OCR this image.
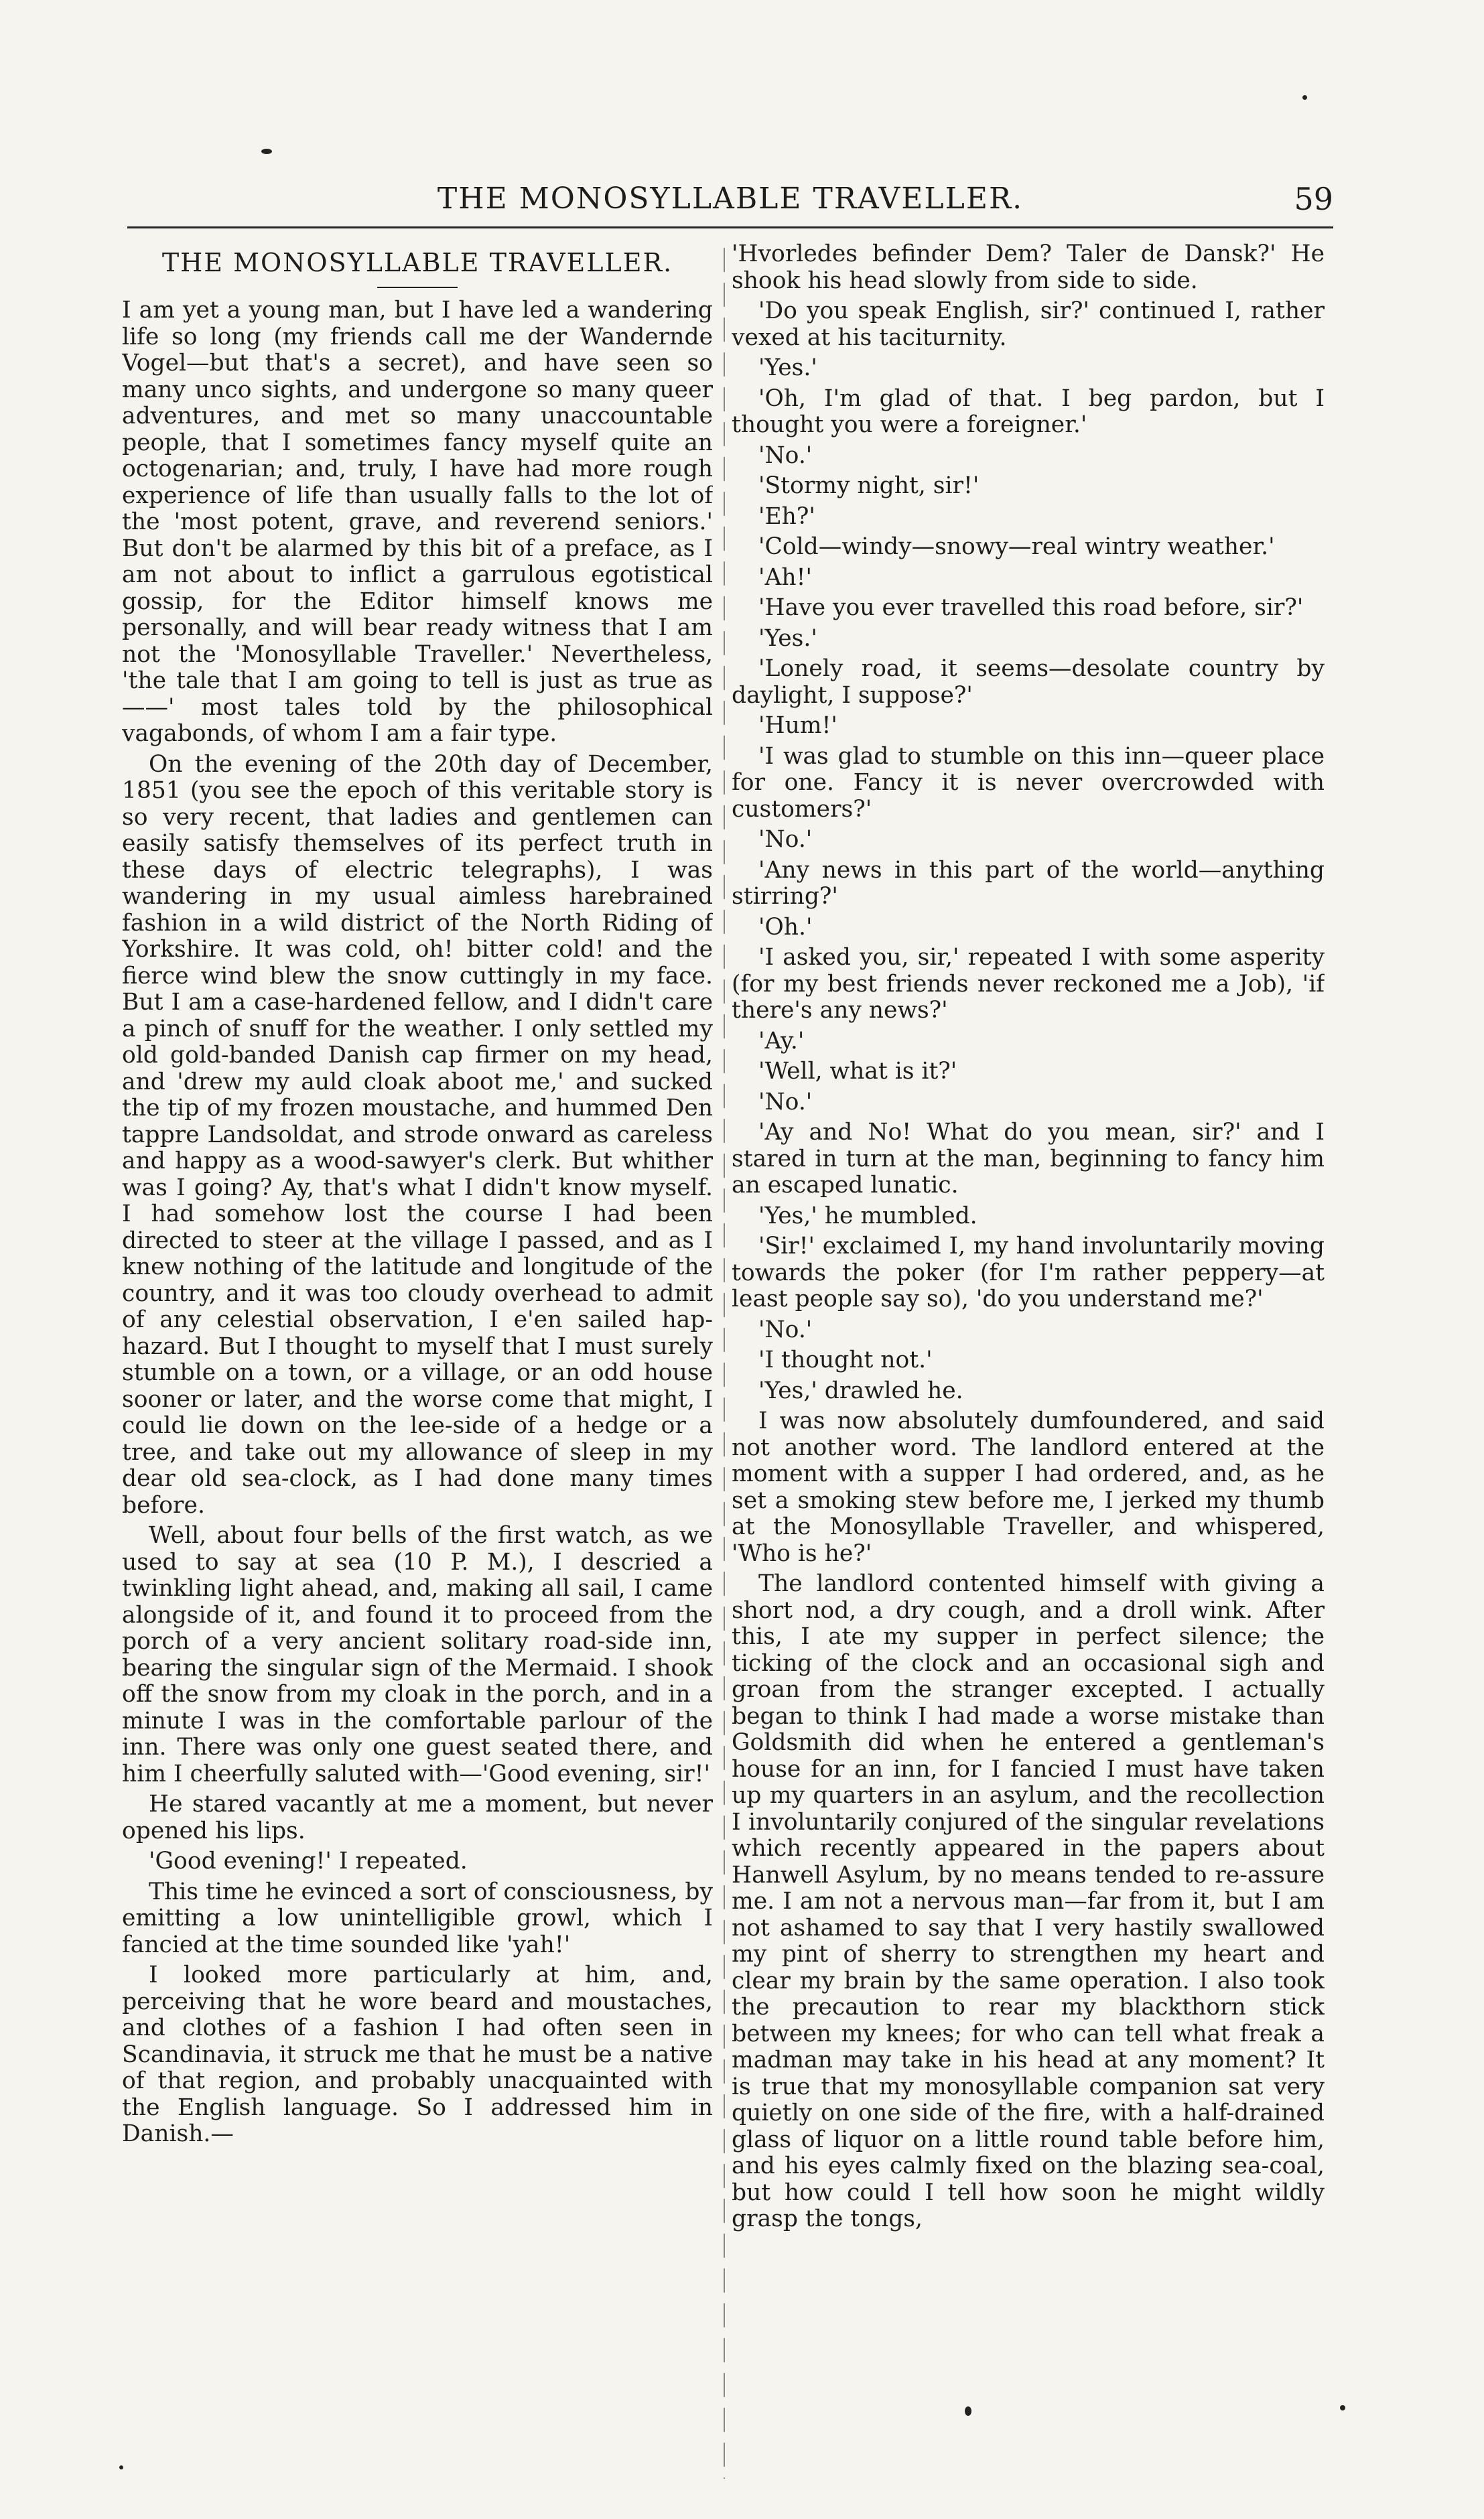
THE MONOSYLLABLE TRAVELLER.	59
THE MONOSYLLABLE TRAVELLER.

I am yet a young man, but I have led a wandering life so long (my friends call me der Wandernde Vogel—but that's a secret), and have seen so many unco sights, and undergone so many queer adventures, and met so many unaccountable people, that I sometimes fancy myself quite an octogenarian; and, truly, I have had more rough experience of life than usually falls to the lot of the 'most potent, grave, and reverend seniors.' But don't be alarmed by this bit of a preface, as I am not about to inflict a garrulous egotistical gossip, for the Editor himself knows me personally, and will bear ready witness that I am not the 'Monosyllable Traveller.' Nevertheless, 'the tale that I am going to tell is just as true as ——' most tales told by the philosophical vagabonds, of whom I am a fair type.

On the evening of the 20th day of December, 1851 (you see the epoch of this veritable story is so very recent, that ladies and gentlemen can easily satisfy themselves of its perfect truth in these days of electric telegraphs), I was wandering in my usual aimless harebrained fashion in a wild district of the North Riding of Yorkshire. It was cold, oh! bitter cold! and the fierce wind blew the snow cuttingly in my face. But I am a case-hardened fellow, and I didn't care a pinch of snuff for the weather. I only settled my old gold-banded Danish cap firmer on my head, and 'drew my auld cloak aboot me,' and sucked the tip of my frozen moustache, and hummed Den tappre Landsoldat, and strode onward as careless and happy as a wood-sawyer's clerk. But whither was I going? Ay, that's what I didn't know myself. I had somehow lost the course I had been directed to steer at the village I passed, and as I knew nothing of the latitude and longitude of the country, and it was too cloudy overhead to admit of any celestial observation, I e'en sailed hap-hazard. But I thought to myself that I must surely stumble on a town, or a village, or an odd house sooner or later, and the worse come that might, I could lie down on the lee-side of a hedge or a tree, and take out my allowance of sleep in my dear old sea-clock, as I had done many times before.

Well, about four bells of the first watch, as we used to say at sea (10 P. M.), I descried a twinkling light ahead, and, making all sail, I came alongside of it, and found it to proceed from the porch of a very ancient solitary road-side inn, bearing the singular sign of the Mermaid. I shook off the snow from my cloak in the porch, and in a minute I was in the comfortable parlour of the inn. There was only one guest seated there, and him I cheerfully saluted with—'Good evening, sir!'

He stared vacantly at me a moment, but never opened his lips.

'Good evening!' I repeated.

This time he evinced a sort of consciousness, by emitting a low unintelligible growl, which I fancied at the time sounded like 'yah!'

I looked more particularly at him, and, perceiving that he wore beard and moustaches, and clothes of a fashion I had often seen in Scandinavia, it struck me that he must be a native of that region, and probably unacquainted with the English language. So I addressed him in Danish.—

'Hvorledes befinder Dem? Taler de Dansk?' He shook his head slowly from side to side.

'Do you speak English, sir?' continued I, rather vexed at his taciturnity.

'Yes.'

'Oh, I'm glad of that. I beg pardon, but I thought you were a foreigner.'

'No.'

'Stormy night, sir!'

'Eh?'

'Cold—windy—snowy—real wintry weather.'

'Ah!'

'Have you ever travelled this road before, sir?'

'Yes.'

'Lonely road, it seems—desolate country by daylight, I suppose?'

'Hum!'

'I was glad to stumble on this inn—queer place for one. Fancy it is never overcrowded with customers?'

'No.'

'Any news in this part of the world—anything stirring?'

'Oh.'

'I asked you, sir,' repeated I with some asperity (for my best friends never reckoned me a Job), 'if there's any news?'

'Ay.'

'Well, what is it?'

'No.'

'Ay and No! What do you mean, sir?' and I stared in turn at the man, beginning to fancy him an escaped lunatic.

'Yes,' he mumbled.

'Sir!' exclaimed I, my hand involuntarily moving towards the poker (for I'm rather peppery—at least people say so), 'do you understand me?'

'No.'

'I thought not.'

'Yes,' drawled he.

I was now absolutely dumfoundered, and said not another word. The landlord entered at the moment with a supper I had ordered, and, as he set a smoking stew before me, I jerked my thumb at the Monosyllable Traveller, and whispered, 'Who is he?'

The landlord contented himself with giving a short nod, a dry cough, and a droll wink. After this, I ate my supper in perfect silence; the ticking of the clock and an occasional sigh and groan from the stranger excepted. I actually began to think I had made a worse mistake than Goldsmith did when he entered a gentleman's house for an inn, for I fancied I must have taken up my quarters in an asylum, and the recollection I involuntarily conjured of the singular revelations which recently appeared in the papers about Hanwell Asylum, by no means tended to re-assure me. I am not a nervous man—far from it, but I am not ashamed to say that I very hastily swallowed my pint of sherry to strengthen my heart and clear my brain by the same operation. I also took the precaution to rear my blackthorn stick between my knees; for who can tell what freak a madman may take in his head at any moment? It is true that my monosyllable companion sat very quietly on one side of the fire, with a half-drained glass of liquor on a little round table before him, and his eyes calmly fixed on the blazing sea-coal, but how could I tell how soon he might wildly grasp the tongs,
